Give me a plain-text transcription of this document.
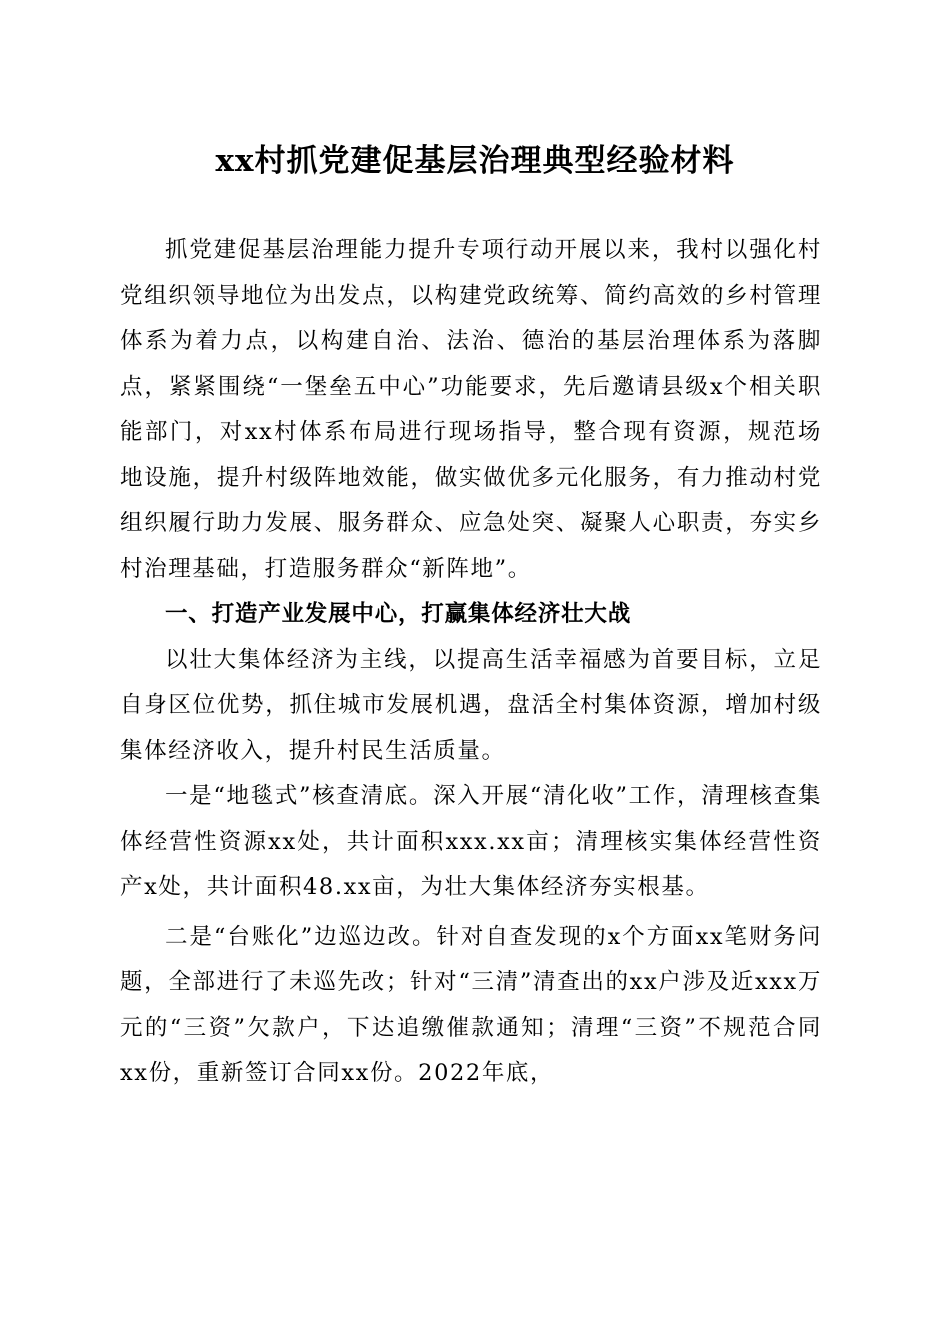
xx村抓党建促基层治理典型经验材料

抓党建促基层治理能力提升专项行动开展以来，我村以强化村党组织领导地位为出发点，以构建党政统筹、简约高效的乡村管理体系为着力点，以构建自治、法治、德治的基层治理体系为落脚点，紧紧围绕“一堡垒五中心”功能要求，先后邀请县级x个相关职能部门，对xx村体系布局进行现场指导，整合现有资源，规范场地设施，提升村级阵地效能，做实做优多元化服务，有力推动村党组织履行助力发展、服务群众、应急处突、凝聚人心职责，夯实乡村治理基础，打造服务群众“新阵地”。

一、打造产业发展中心，打赢集体经济壮大战

以壮大集体经济为主线，以提高生活幸福感为首要目标，立足自身区位优势，抓住城市发展机遇，盘活全村集体资源，增加村级集体经济收入，提升村民生活质量。

一是“地毯式”核查清底。深入开展“清化收”工作，清理核查集体经营性资源xx处，共计面积xxx.xx亩；清理核实集体经营性资产x处，共计面积48.xx亩，为壮大集体经济夯实根基。

二是“台账化”边巡边改。针对自查发现的x个方面xx笔财务问题，全部进行了未巡先改；针对“三清”清查出的xx户涉及近xxx万元的“三资”欠款户，下达追缴催款通知；清理“三资”不规范合同xx份，重新签订合同xx份。2022年底，
